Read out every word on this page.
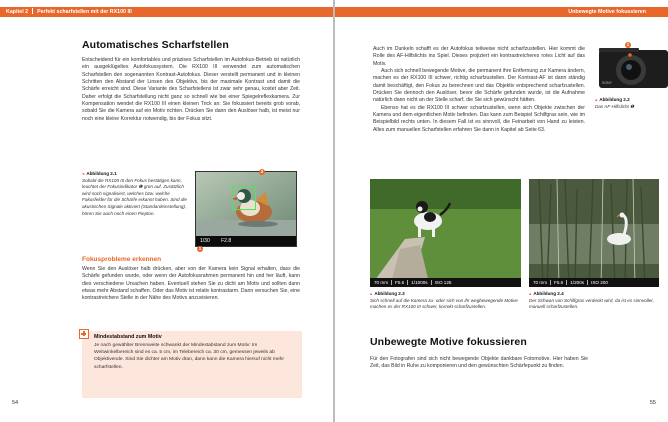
Kapitel 2 Perfekt scharfstellen mit der RX100 III
Automatisches Scharfstellen

Entscheidend für ein komfortables und präzises Scharfstellen im Autofokus-Betrieb ist natürlich ein ausgeklügeltes Autofokussystem. Die RX100 III verwendet zum automatischen Scharfstellen den sogenannten Kontrast-Autofokus. Dieser verstellt permanent und in kleinen Schritten den Abstand der Linsen des Objektivs, bis der maximale Kontrast und damit die Schärfe erreicht sind. Diese Variante des Scharfstellens ist zwar sehr genau, kostet aber Zeit. Daher erfolgt die Scharfstellung nicht ganz so schnell wie bei einer Spiegelreflexkamera. Zur Kompensation wendet die RX100 III einen kleinen Trick an: Sie fokussiert bereits grob vorab, sobald Sie die Kamera auf ein Motiv richten. Drücken Sie dann den Auslöser halb, ist meist nur noch eine kleine Korrektur notwendig, bis der Fokus sitzt.

◂ Abbildung 2.1
Sobald die RX100 III den Fokus bestätigen kann, leuchtet der Fokusindikator ❶ grün auf. Zusätzlich wird noch signalisiert, welches bzw. welche Fokusfelder für die Schärfe erkannt haben. Sind die akustischen Signale aktiviert (Standardeinstellung), hören Sie auch noch einen Piepton.
1/30 F2.8
2
1
Fokusprobleme erkennen

Wenn Sie den Auslöser halb drücken, aber von der Kamera kein Signal erhalten, dass die Schärfe gefunden wurde, oder wenn der Autofokusrahmen permanent hin und her läuft, kann dies verschiedene Ursachen haben. Eventuell stehen Sie zu dicht am Motiv und sollten dann etwas mehr Abstand schaffen. Oder das Motiv ist relativ kontrastarm. Dann versuchen Sie, eine kontrastreichere Stelle in der Nähe des Motivs anzuvisieren.

Mindestabstand zum Motiv
Je nach gewählter Brennweite schwankt der Mindestabstand zum Motiv: Im Weitwinkelbereich sind es ca. 5 cm, im Telebereich ca. 30 cm, gemessen jeweils ab Objektivende. Sind Sie dichter am Motiv dran, dann kann die Kamera hiersuf nicht mehr scharfstellen.
54
Unbewegte Motive fokussieren

Auch im Dunkeln schafft es der Autofokus teilweise nicht scharfzustellen. Hier kommt die Rolle des AF-Hilfslichts ins Spiel. Dieses projiziert ein kontrastreicheres rotes Licht auf das Motiv.

Auch sich schnell bewegende Motive, die permanent ihre Entfernung zur Kamera ändern, machen es der RX100 III schwer, richtig scharfzustellen. Der Kontrast-AF ist dann ständig damit beschäftigt, den Fokus zu berechnen und das Objektiv entsprechend scharfzustellen. Drücken Sie dennoch den Auslöser, bevor die Schärfe gefunden wurde, ist die Aufnahme natürlich dann nicht an der Stelle scharf, die Sie sich gewünscht hätten.

Ebenso hat es die RX100 III schwer scharfzustellen, wenn sich Objekte zwischen der Kamera und dem eigentlichen Motiv befinden. Das kann zum Beispiel Schilfgras sein, wie im Beispielbild rechts unten. In diesem Fall ist es sinnvoll, die Feinarbeit von Hand zu leisten. Alles zum manuellen Scharfstellen erfahren Sie dann in Kapitel ab Seite 63.

SONY
1
▴ Abbildung 2.2
Das AF-Hilfslicht ❶
70 mm F5.6 1/1000s ISO 125
▴ Abbildung 2.3
Sich schnell auf die Kamera zu- oder sich von ihr wegbewegende Motive machen es der RX100 III schwer, korrekt scharfzustellen.
70 mm F5.6 1/200s ISO 200
▴ Abbildung 2.4
Der Schwan von Schilfgras verdeckt wird, da ist es sinnvoller, manuell scharfzustellen.
Unbewegte Motive fokussieren

Für den Fotografen sind sich nicht bewegende Objekte dankbare Fotomotive. Hier haben Sie Zeit, das Bild in Ruhe zu komponieren und den gewünschten Schärfepunkt zu finden.

55
